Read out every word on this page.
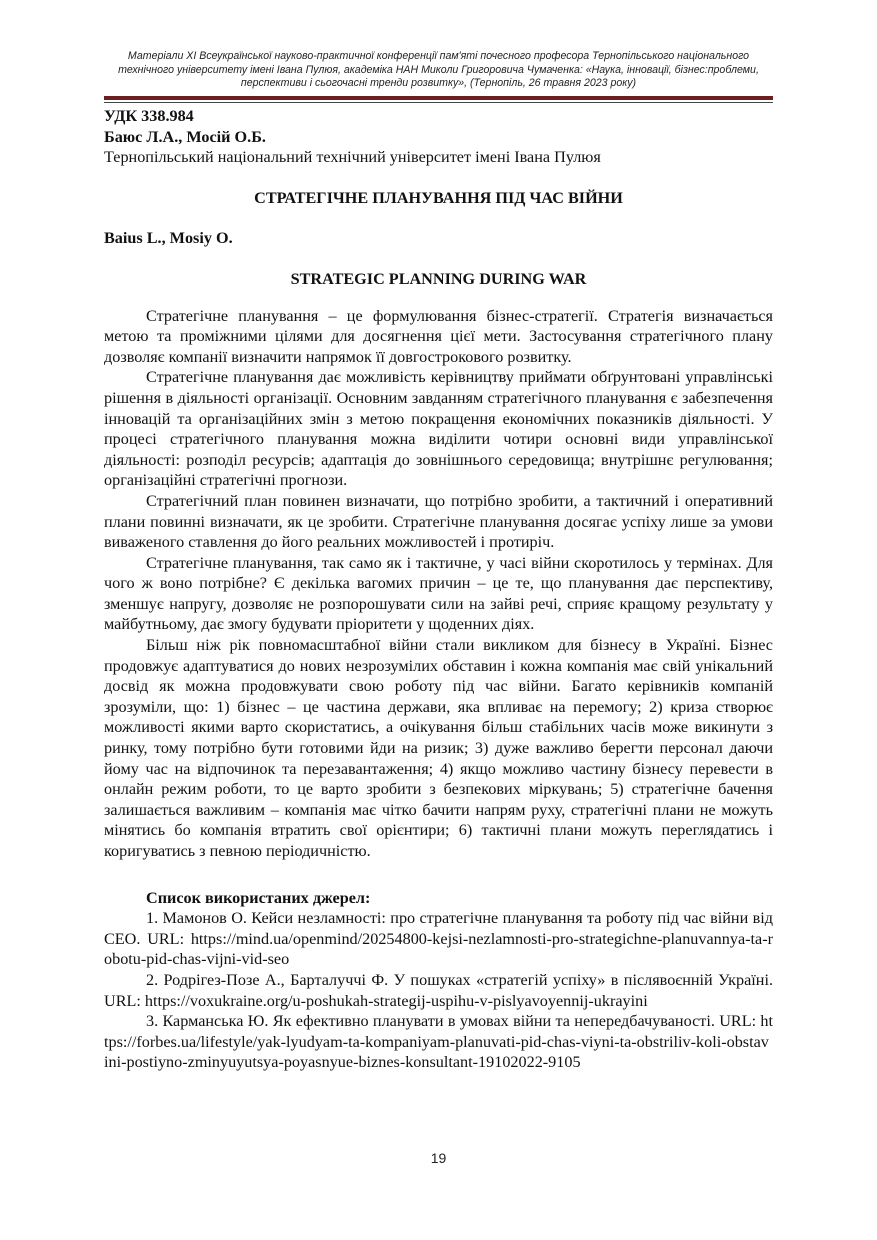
Матеріали XI Всеукраїнської науково-практичної конференції пам'яті почесного професора Тернопільського національного технічного університету імені Івана Пулюя, академіка НАН Миколи Григоровича Чумаченка: «Наука, інновації, бізнес:проблеми, перспективи і сьогочасні тренди розвитку», (Тернопіль, 26 травня 2023 року)
УДК 338.984
Баюс Л.А., Мосій О.Б.
Тернопільський національний технічний університет імені Івана Пулюя
СТРАТЕГІЧНЕ ПЛАНУВАННЯ ПІД ЧАС ВІЙНИ
Baius L., Mosiy O.
STRATEGIC PLANNING DURING WAR

Стратегічне планування – це формулювання бізнес-стратегії. Стратегія визначається метою та проміжними цілями для досягнення цієї мети. Застосування стратегічного плану дозволяє компанії визначити напрямок її довгострокового розвитку.

Стратегічне планування дає можливість керівництву приймати обґрунтовані управлінські рішення в діяльності організації. Основним завданням стратегічного планування є забезпечення інновацій та організаційних змін з метою покращення економічних показників діяльності. У процесі стратегічного планування можна виділити чотири основні види управлінської діяльності: розподіл ресурсів; адаптація до зовнішнього середовища; внутрішнє регулювання; організаційні стратегічні прогнози.

Стратегічний план повинен визначати, що потрібно зробити, а тактичний і оперативний плани повинні визначати, як це зробити. Стратегічне планування досягає успіху лише за умови виваженого ставлення до його реальних можливостей і протиріч.

Стратегічне планування, так само як і тактичне, у часі війни скоротилось у термінах. Для чого ж воно потрібне? Є декілька вагомих причин – це те, що планування дає перспективу, зменшує напругу, дозволяє не розпорошувати сили на зайві речі, сприяє кращому результату у майбутньому, дає змогу будувати пріоритети у щоденних діях.

Більш ніж рік повномасштабної війни стали викликом для бізнесу в Україні. Бізнес продовжує адаптуватися до нових незрозумілих обставин і кожна компанія має свій унікальний досвід як можна продовжувати свою роботу під час війни. Багато керівників компаній зрозуміли, що: 1) бізнес – це частина держави, яка впливає на перемогу; 2) криза створює можливості якими варто скористатись, а очікування більш стабільних часів може викинути з ринку, тому потрібно бути готовими йди на ризик; 3) дуже важливо берегти персонал даючи йому час на відпочинок та перезавантаження; 4) якщо можливо частину бізнесу перевести в онлайн режим роботи, то це варто зробити з безпекових міркувань; 5) стратегічне бачення залишається важливим – компанія має чітко бачити напрям руху, стратегічні плани не можуть мінятись бо компанія втратить свої орієнтири; 6) тактичні плани можуть переглядатись і коригуватись з певною періодичністю.

Список використаних джерел:

1. Мамонов О. Кейси незламності: про стратегічне планування та роботу під час війни від CEO. URL: https://mind.ua/openmind/20254800-kejsi-nezlamnosti-pro-strategichne-planuvannya-ta-robotu-pid-chas-vijni-vid-seo

2. Родрігез-Позе А., Барталуччі Ф. У пошуках «стратегій успіху» в післявоєнній Україні. URL: https://voxukraine.org/u-poshukah-strategij-uspihu-v-pislyavoyennij-ukrayini

3. Карманська Ю. Як ефективно планувати в умовах війни та непередбачуваності. URL: https://forbes.ua/lifestyle/yak-lyudyam-ta-kompaniyam-planuvati-pid-chas-viyni-ta-obstriliv-koli-obstavini-postiyno-zminyuyutsya-poyasnyue-biznes-konsultant-19102022-9105

19
